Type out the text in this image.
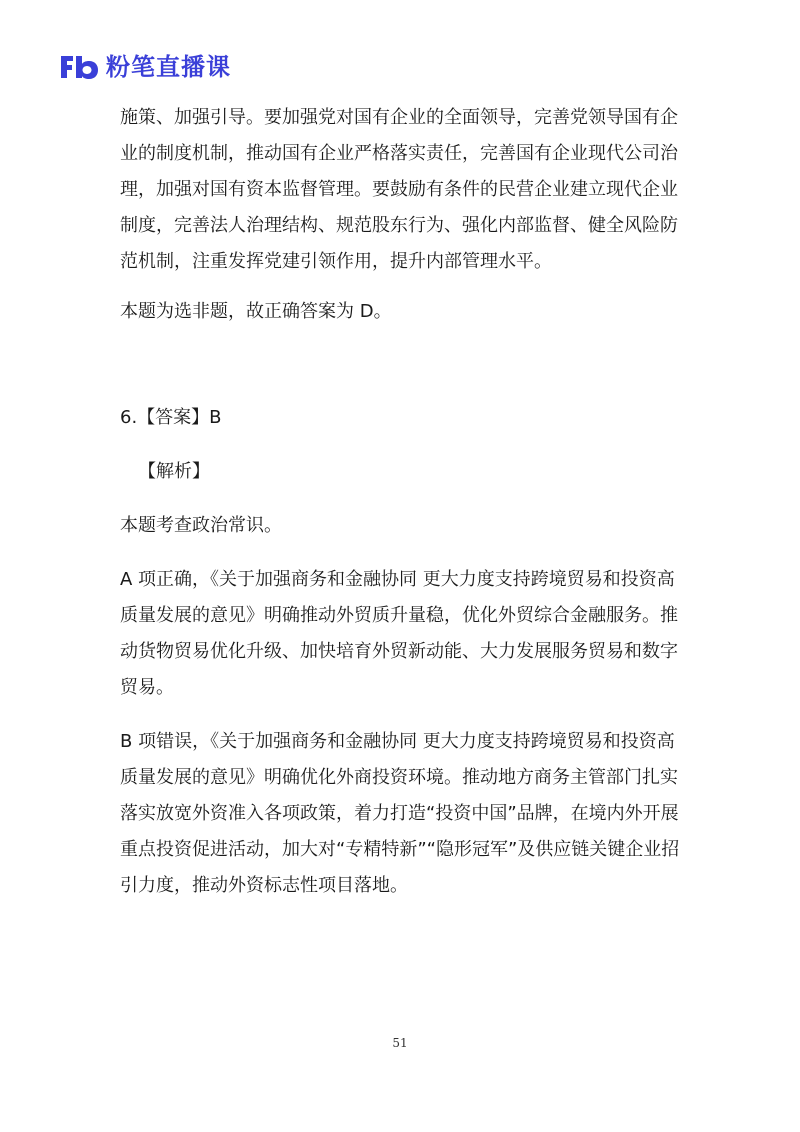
粉笔直播课

施策、加强引导。要加强党对国有企业的全面领导，完善党领导国有企业的制度机制，推动国有企业严格落实责任，完善国有企业现代公司治理，加强对国有资本监督管理。要鼓励有条件的民营企业建立现代企业制度，完善法人治理结构、规范股东行为、强化内部监督、健全风险防范机制，注重发挥党建引领作用，提升内部管理水平。

本题为选非题，故正确答案为 D。

6.【答案】B

【解析】

本题考查政治常识。

A 项正确，《关于加强商务和金融协同 更大力度支持跨境贸易和投资高质量发展的意见》明确推动外贸质升量稳，优化外贸综合金融服务。推动货物贸易优化升级、加快培育外贸新动能、大力发展服务贸易和数字贸易。

B 项错误，《关于加强商务和金融协同 更大力度支持跨境贸易和投资高质量发展的意见》明确优化外商投资环境。推动地方商务主管部门扎实落实放宽外资准入各项政策，着力打造“投资中国”品牌，在境内外开展重点投资促进活动，加大对“专精特新”“隐形冠军”及供应链关键企业招引力度，推动外资标志性项目落地。

51
